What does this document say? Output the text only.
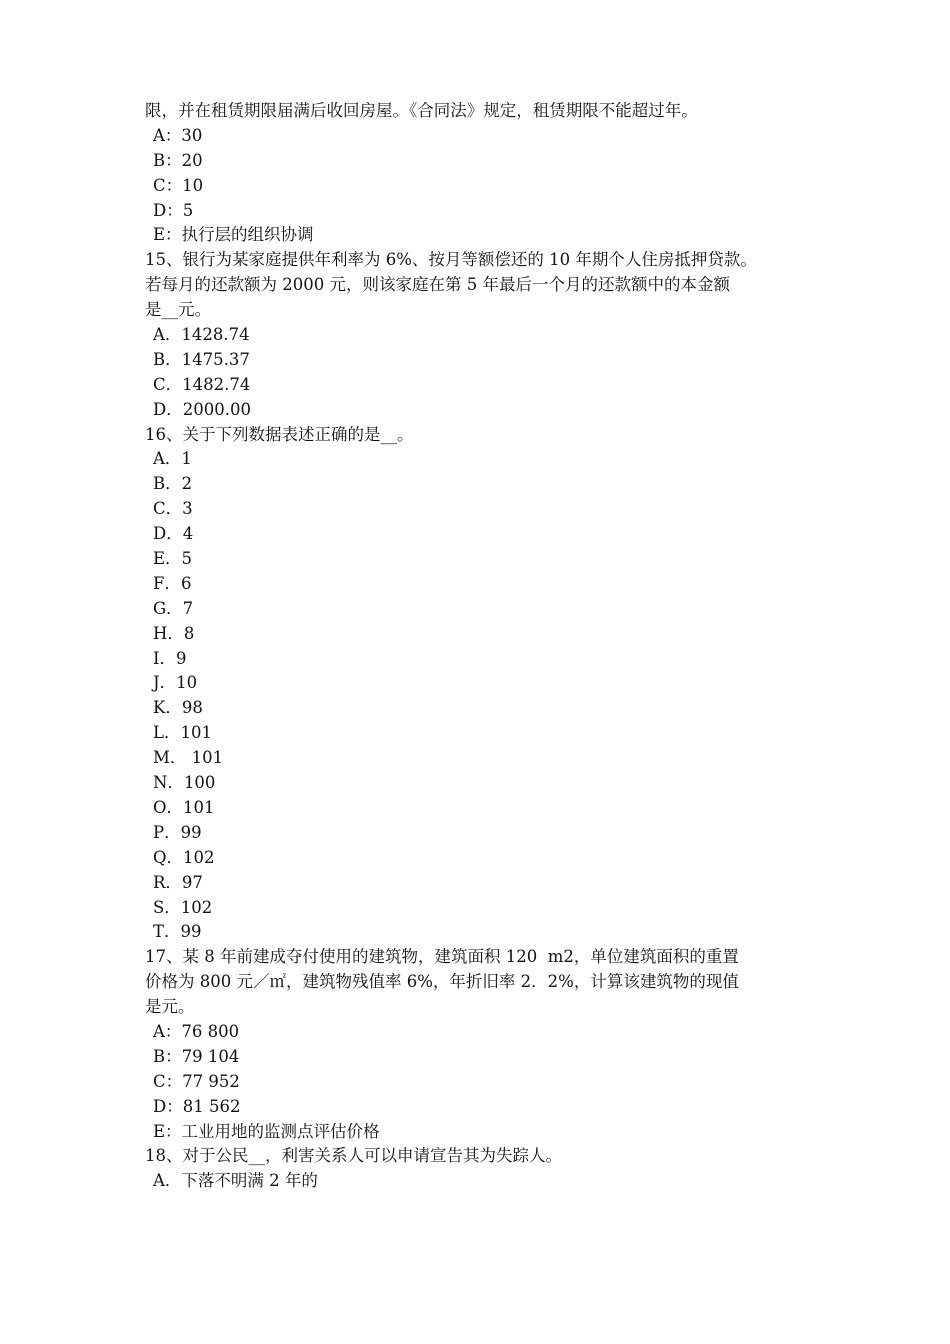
限，并在租赁期限届满后收回房屋。《合同法》规定，租赁期限不能超过年。
A：30
B：20
C：10
D：5
E：执行层的组织协调
15、银行为某家庭提供年利率为 6%、按月等额偿还的 10 年期个人住房抵押贷款。
若每月的还款额为 2000 元，则该家庭在第 5 年最后一个月的还款额中的本金额
是__元。
A．1428.74
B．1475.37
C．1482.74
D．2000.00
16、关于下列数据表述正确的是__。
A．1
B．2
C．3
D．4
E．5
F．6
G．7
H．8
I．9
J．10
K．98
L．101
M． 101
N．100
O．101
P．99
Q．102
R．97
S．102
T．99
17、某 8 年前建成夺付使用的建筑物，建筑面积 120  m2，单位建筑面积的重置
价格为 800 元／㎡，建筑物残值率 6%，年折旧率 2．2%，计算该建筑物的现值
是元。
A：76 800
B：79 104
C：77 952
D：81 562
E：工业用地的监测点评估价格
18、对于公民__，利害关系人可以申请宣告其为失踪人。
A．下落不明满 2 年的
